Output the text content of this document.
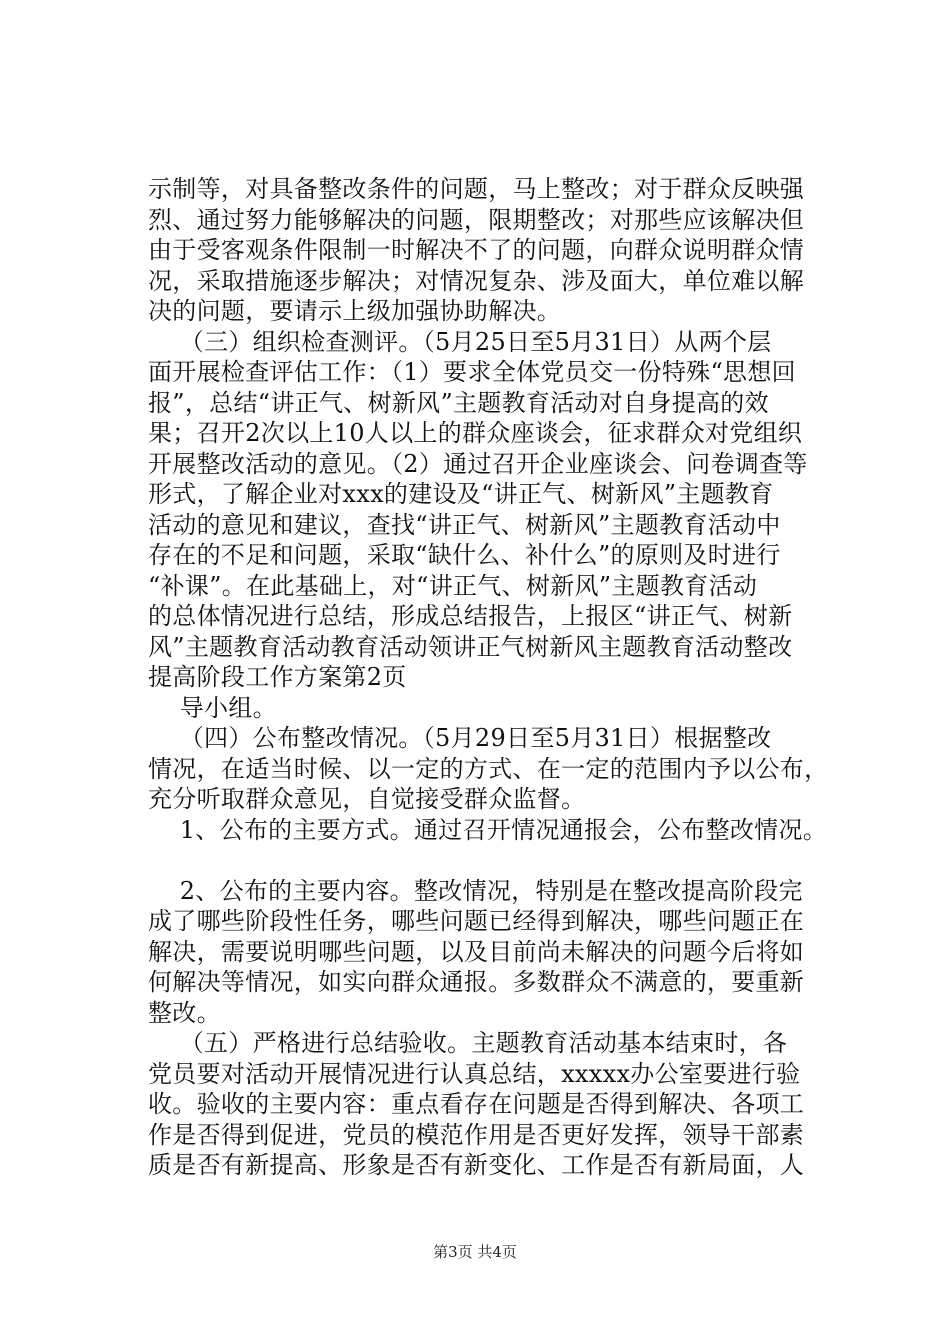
示制等，对具备整改条件的问题，马上整改；对于群众反映强
烈、通过努力能够解决的问题，限期整改；对那些应该解决但
由于受客观条件限制一时解决不了的问题，向群众说明群众情
况，采取措施逐步解决；对情况复杂、涉及面大，单位难以解
决的问题，要请示上级加强协助解决。
（三）组织检查测评。（5月25日至5月31日）从两个层
面开展检查评估工作：（1）要求全体党员交一份特殊“思想回
报”，总结“讲正气、树新风”主题教育活动对自身提高的效
果；召开2次以上10人以上的群众座谈会，征求群众对党组织
开展整改活动的意见。（2）通过召开企业座谈会、问卷调查等
形式，了解企业对xxx的建设及“讲正气、树新风”主题教育
活动的意见和建议，查找“讲正气、树新风”主题教育活动中
存在的不足和问题，采取“缺什么、补什么”的原则及时进行
“补课”。在此基础上，对“讲正气、树新风”主题教育活动
的总体情况进行总结，形成总结报告，上报区“讲正气、树新
风”主题教育活动教育活动领讲正气树新风主题教育活动整改
提高阶段工作方案第2页
导小组。
（四）公布整改情况。（5月29日至5月31日）根据整改
情况，在适当时候、以一定的方式、在一定的范围内予以公布，
充分听取群众意见，自觉接受群众监督。
1、公布的主要方式。通过召开情况通报会，公布整改情况。
2、公布的主要内容。整改情况，特别是在整改提高阶段完
成了哪些阶段性任务，哪些问题已经得到解决，哪些问题正在
解决，需要说明哪些问题，以及目前尚未解决的问题今后将如
何解决等情况，如实向群众通报。多数群众不满意的，要重新
整改。
（五）严格进行总结验收。主题教育活动基本结束时，各
党员要对活动开展情况进行认真总结，xxxxx办公室要进行验
收。验收的主要内容：重点看存在问题是否得到解决、各项工
作是否得到促进，党员的模范作用是否更好发挥，领导干部素
质是否有新提高、形象是否有新变化、工作是否有新局面，人
第3页 共4页
